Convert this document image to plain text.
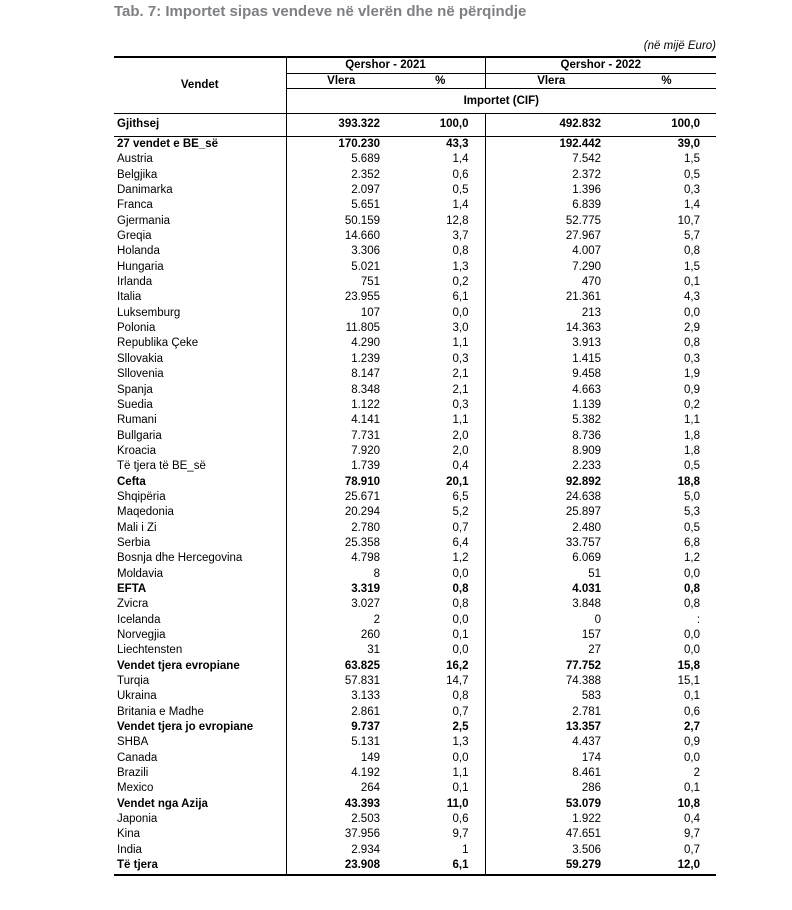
Tab. 7: Importet sipas vendeve në vlerën dhe në përqindje
(në mijë Euro)
Vendet	Qershor - 2021		Qershor - 2022	
	Vlera	%	Vlera	%
	Importet (CIF)			
Gjithsej	393.322	100,0	492.832	100,0
27 vendet e BE_së	170.230	43,3	192.442	39,0
Austria	5.689	1,4	7.542	1,5
Belgjika	2.352	0,6	2.372	0,5
Danimarka	2.097	0,5	1.396	0,3
Franca	5.651	1,4	6.839	1,4
Gjermania	50.159	12,8	52.775	10,7
Greqia	14.660	3,7	27.967	5,7
Holanda	3.306	0,8	4.007	0,8
Hungaria	5.021	1,3	7.290	1,5
Irlanda	751	0,2	470	0,1
Italia	23.955	6,1	21.361	4,3
Luksemburg	107	0,0	213	0,0
Polonia	11.805	3,0	14.363	2,9
Republika Çeke	4.290	1,1	3.913	0,8
Sllovakia	1.239	0,3	1.415	0,3
Sllovenia	8.147	2,1	9.458	1,9
Spanja	8.348	2,1	4.663	0,9
Suedia	1.122	0,3	1.139	0,2
Rumani	4.141	1,1	5.382	1,1
Bullgaria	7.731	2,0	8.736	1,8
Kroacia	7.920	2,0	8.909	1,8
Të tjera të BE_së	1.739	0,4	2.233	0,5
Cefta	78.910	20,1	92.892	18,8
Shqipëria	25.671	6,5	24.638	5,0
Maqedonia	20.294	5,2	25.897	5,3
Mali i Zi	2.780	0,7	2.480	0,5
Serbia	25.358	6,4	33.757	6,8
Bosnja dhe Hercegovina	4.798	1,2	6.069	1,2
Moldavia	8	0,0	51	0,0
EFTA	3.319	0,8	4.031	0,8
Zvicra	3.027	0,8	3.848	0,8
Icelanda	2	0,0	0	:
Norvegjia	260	0,1	157	0,0
Liechtensten	31	0,0	27	0,0
Vendet tjera evropiane	63.825	16,2	77.752	15,8
Turqia	57.831	14,7	74.388	15,1
Ukraina	3.133	0,8	583	0,1
Britania e Madhe	2.861	0,7	2.781	0,6
Vendet tjera jo evropiane	9.737	2,5	13.357	2,7
SHBA	5.131	1,3	4.437	0,9
Canada	149	0,0	174	0,0
Brazili	4.192	1,1	8.461	2
Mexico	264	0,1	286	0,1
Vendet nga Azija	43.393	11,0	53.079	10,8
Japonia	2.503	0,6	1.922	0,4
Kina	37.956	9,7	47.651	9,7
India	2.934	1	3.506	0,7
Të tjera	23.908	6,1	59.279	12,0
